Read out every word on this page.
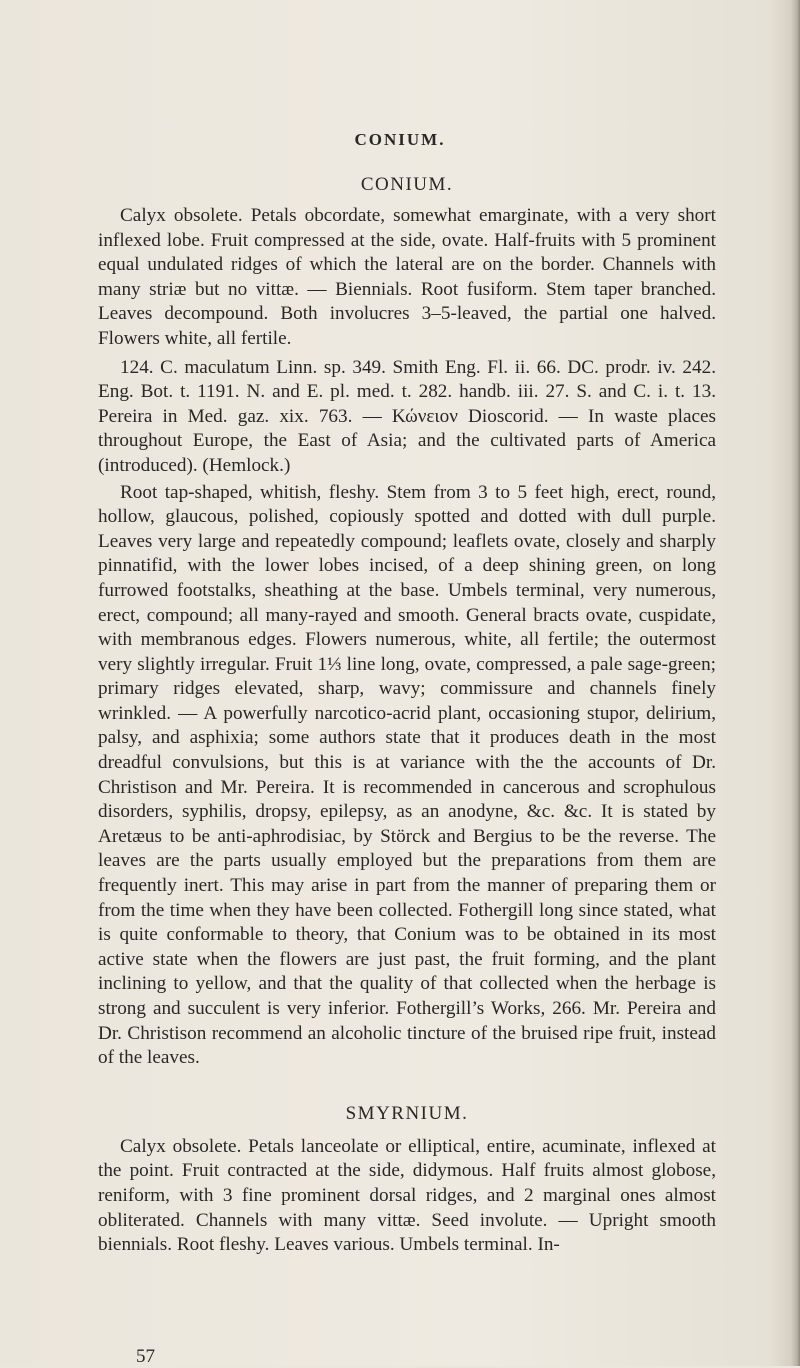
CONIUM.
CONIUM.

Calyx obsolete. Petals obcordate, somewhat emarginate, with a very short inflexed lobe. Fruit compressed at the side, ovate. Half-fruits with 5 prominent equal undulated ridges of which the lateral are on the border. Channels with many striæ but no vittæ. — Biennials. Root fusiform. Stem taper branched. Leaves decompound. Both involucres 3–5-leaved, the partial one halved. Flowers white, all fertile.

124. C. maculatum Linn. sp. 349. Smith Eng. Fl. ii. 66. DC. prodr. iv. 242. Eng. Bot. t. 1191. N. and E. pl. med. t. 282. handb. iii. 27. S. and C. i. t. 13. Pereira in Med. gaz. xix. 763. — Κώνειον Dioscorid. — In waste places throughout Europe, the East of Asia; and the cultivated parts of America (introduced). (Hemlock.)

Root tap-shaped, whitish, fleshy. Stem from 3 to 5 feet high, erect, round, hollow, glaucous, polished, copiously spotted and dotted with dull purple. Leaves very large and repeatedly compound; leaflets ovate, closely and sharply pinnatifid, with the lower lobes incised, of a deep shining green, on long furrowed footstalks, sheathing at the base. Umbels terminal, very numerous, erect, compound; all many-rayed and smooth. General bracts ovate, cuspidate, with membranous edges. Flowers numerous, white, all fertile; the outermost very slightly irregular. Fruit 1⅓ line long, ovate, compressed, a pale sage-green; primary ridges elevated, sharp, wavy; commissure and channels finely wrinkled. — A powerfully narcotico-acrid plant, occasioning stupor, delirium, palsy, and asphixia; some authors state that it produces death in the most dreadful convulsions, but this is at variance with the the accounts of Dr. Christison and Mr. Pereira. It is recommended in cancerous and scrophulous disorders, syphilis, dropsy, epilepsy, as an anodyne, &c. &c. It is stated by Aretæus to be anti-aphrodisiac, by Störck and Bergius to be the reverse. The leaves are the parts usually employed but the preparations from them are frequently inert. This may arise in part from the manner of preparing them or from the time when they have been collected. Fothergill long since stated, what is quite conformable to theory, that Conium was to be obtained in its most active state when the flowers are just past, the fruit forming, and the plant inclining to yellow, and that the quality of that collected when the herbage is strong and succulent is very inferior. Fothergill’s Works, 266. Mr. Pereira and Dr. Christison recommend an alcoholic tincture of the bruised ripe fruit, instead of the leaves.

SMYRNIUM.

Calyx obsolete. Petals lanceolate or elliptical, entire, acuminate, inflexed at the point. Fruit contracted at the side, didymous. Half fruits almost globose, reniform, with 3 fine prominent dorsal ridges, and 2 marginal ones almost obliterated. Channels with many vittæ. Seed involute. — Upright smooth biennials. Root fleshy. Leaves various. Umbels terminal. In-

57
